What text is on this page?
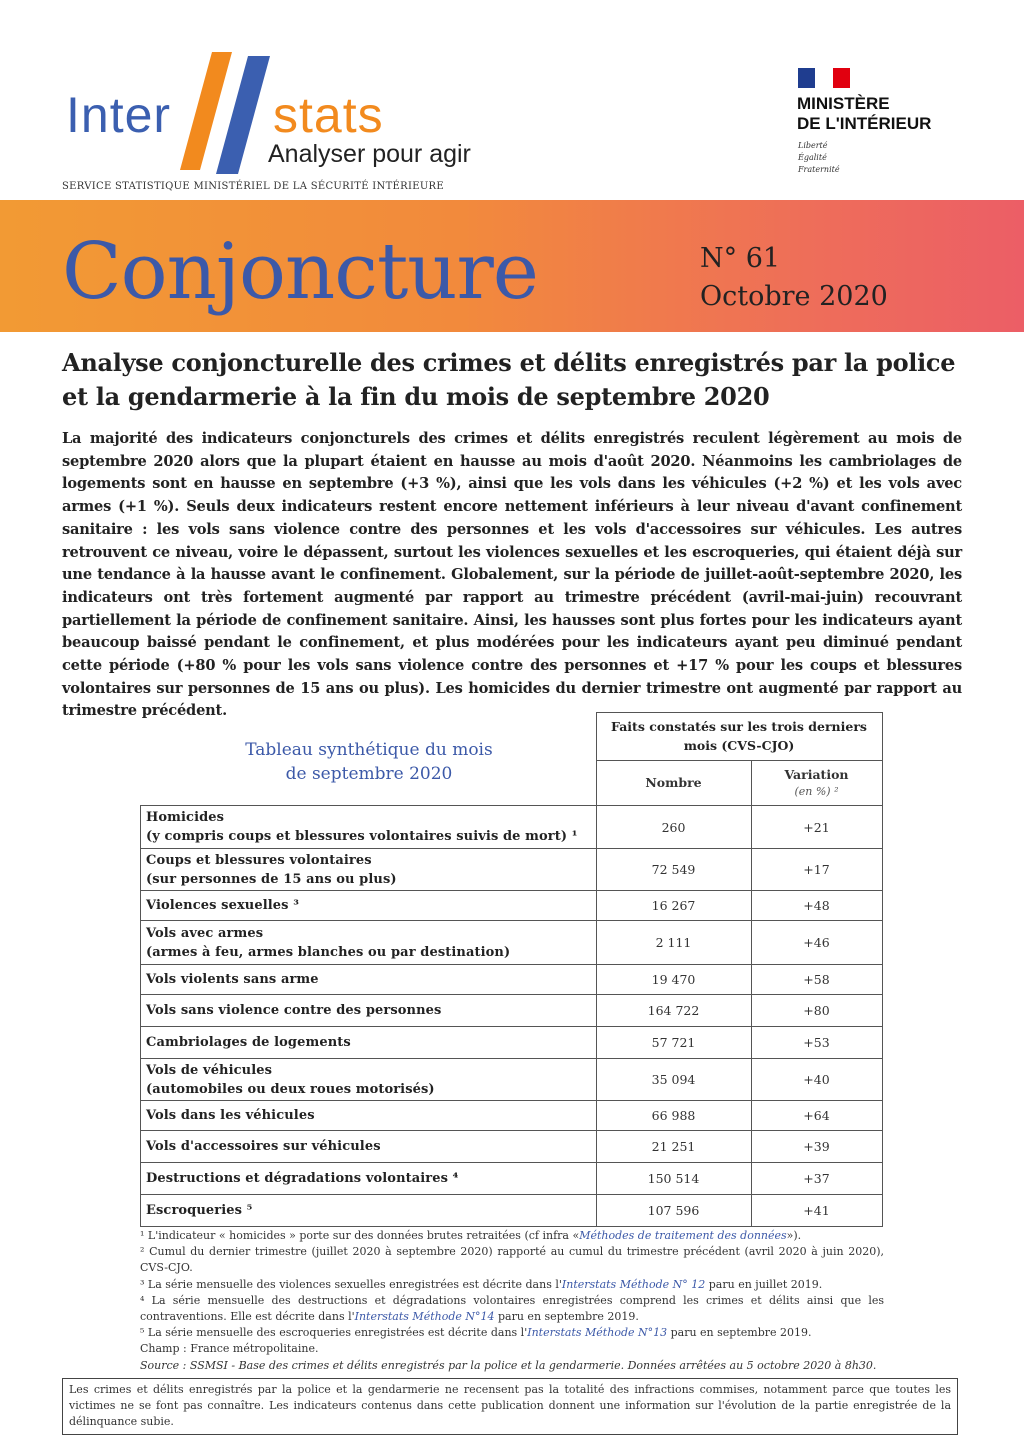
Inter stats
Analyser pour agir
SERVICE STATISTIQUE MINISTÉRIEL DE LA SÉCURITÉ INTÉRIEURE
MINISTÈRE
DE L'INTÉRIEUR
Liberté
Égalité
Fraternité
Conjoncture	N° 61
Octobre 2020
Analyse conjoncturelle des crimes et délits enregistrés par la police et la gendarmerie à la fin du mois de septembre 2020
La majorité des indicateurs conjoncturels des crimes et délits enregistrés reculent légèrement au mois de septembre 2020 alors que la plupart étaient en hausse au mois d'août 2020. Néanmoins les cambriolages de logements sont en hausse en septembre (+3 %), ainsi que les vols dans les véhicules (+2 %) et les vols avec armes (+1 %). Seuls deux indicateurs restent encore nettement inférieurs à leur niveau d'avant confinement sanitaire : les vols sans violence contre des personnes et les vols d'accessoires sur véhicules. Les autres retrouvent ce niveau, voire le dépassent, surtout les violences sexuelles et les escroqueries, qui étaient déjà sur une tendance à la hausse avant le confinement. Globalement, sur la période de juillet-août-septembre 2020, les indicateurs ont très fortement augmenté par rapport au trimestre précédent (avril-mai-juin) recouvrant partiellement la période de confinement sanitaire. Ainsi, les hausses sont plus fortes pour les indicateurs ayant beaucoup baissé pendant le confinement, et plus modérées pour les indicateurs ayant peu diminué pendant cette période (+80 % pour les vols sans violence contre des personnes et +17 % pour les coups et blessures volontaires sur personnes de 15 ans ou plus). Les homicides du dernier trimestre ont augmenté par rapport au trimestre précédent.
Tableau synthétique du mois
de septembre 2020
Faits constatés sur les trois derniers mois (CVS-CJO)
Nombre
Variation
(en %) ²
Homicides
(y compris coups et blessures volontaires suivis de mort) ¹
260	+21
Coups et blessures volontaires
(sur personnes de 15 ans ou plus)
72 549	+17
Violences sexuelles ³	16 267	+48
Vols avec armes
(armes à feu, armes blanches ou par destination)
2 111	+46
Vols violents sans arme	19 470	+58
Vols sans violence contre des personnes	164 722	+80
Cambriolages de logements	57 721	+53
Vols de véhicules
(automobiles ou deux roues motorisés)
35 094	+40
Vols dans les véhicules	66 988	+64
Vols d'accessoires sur véhicules	21 251	+39
Destructions et dégradations volontaires ⁴	150 514	+37
Escroqueries ⁵	107 596	+41
¹ L'indicateur « homicides » porte sur des données brutes retraitées (cf infra «Méthodes de traitement des données»).
² Cumul du dernier trimestre (juillet 2020 à septembre 2020) rapporté au cumul du trimestre précédent (avril 2020 à juin 2020), CVS-CJO.
³ La série mensuelle des violences sexuelles enregistrées est décrite dans l'Interstats Méthode N° 12 paru en juillet 2019.
⁴ La série mensuelle des destructions et dégradations volontaires enregistrées comprend les crimes et délits ainsi que les contraventions. Elle est décrite dans l'Interstats Méthode N°14 paru en septembre 2019.
⁵ La série mensuelle des escroqueries enregistrées est décrite dans l'Interstats Méthode N°13 paru en septembre 2019.
Champ : France métropolitaine.
Source : SSMSI - Base des crimes et délits enregistrés par la police et la gendarmerie. Données arrêtées au 5 octobre 2020 à 8h30.
Les crimes et délits enregistrés par la police et la gendarmerie ne recensent pas la totalité des infractions commises, notamment parce que toutes les victimes ne se font pas connaître. Les indicateurs contenus dans cette publication donnent une information sur l'évolution de la partie enregistrée de la délinquance subie.
